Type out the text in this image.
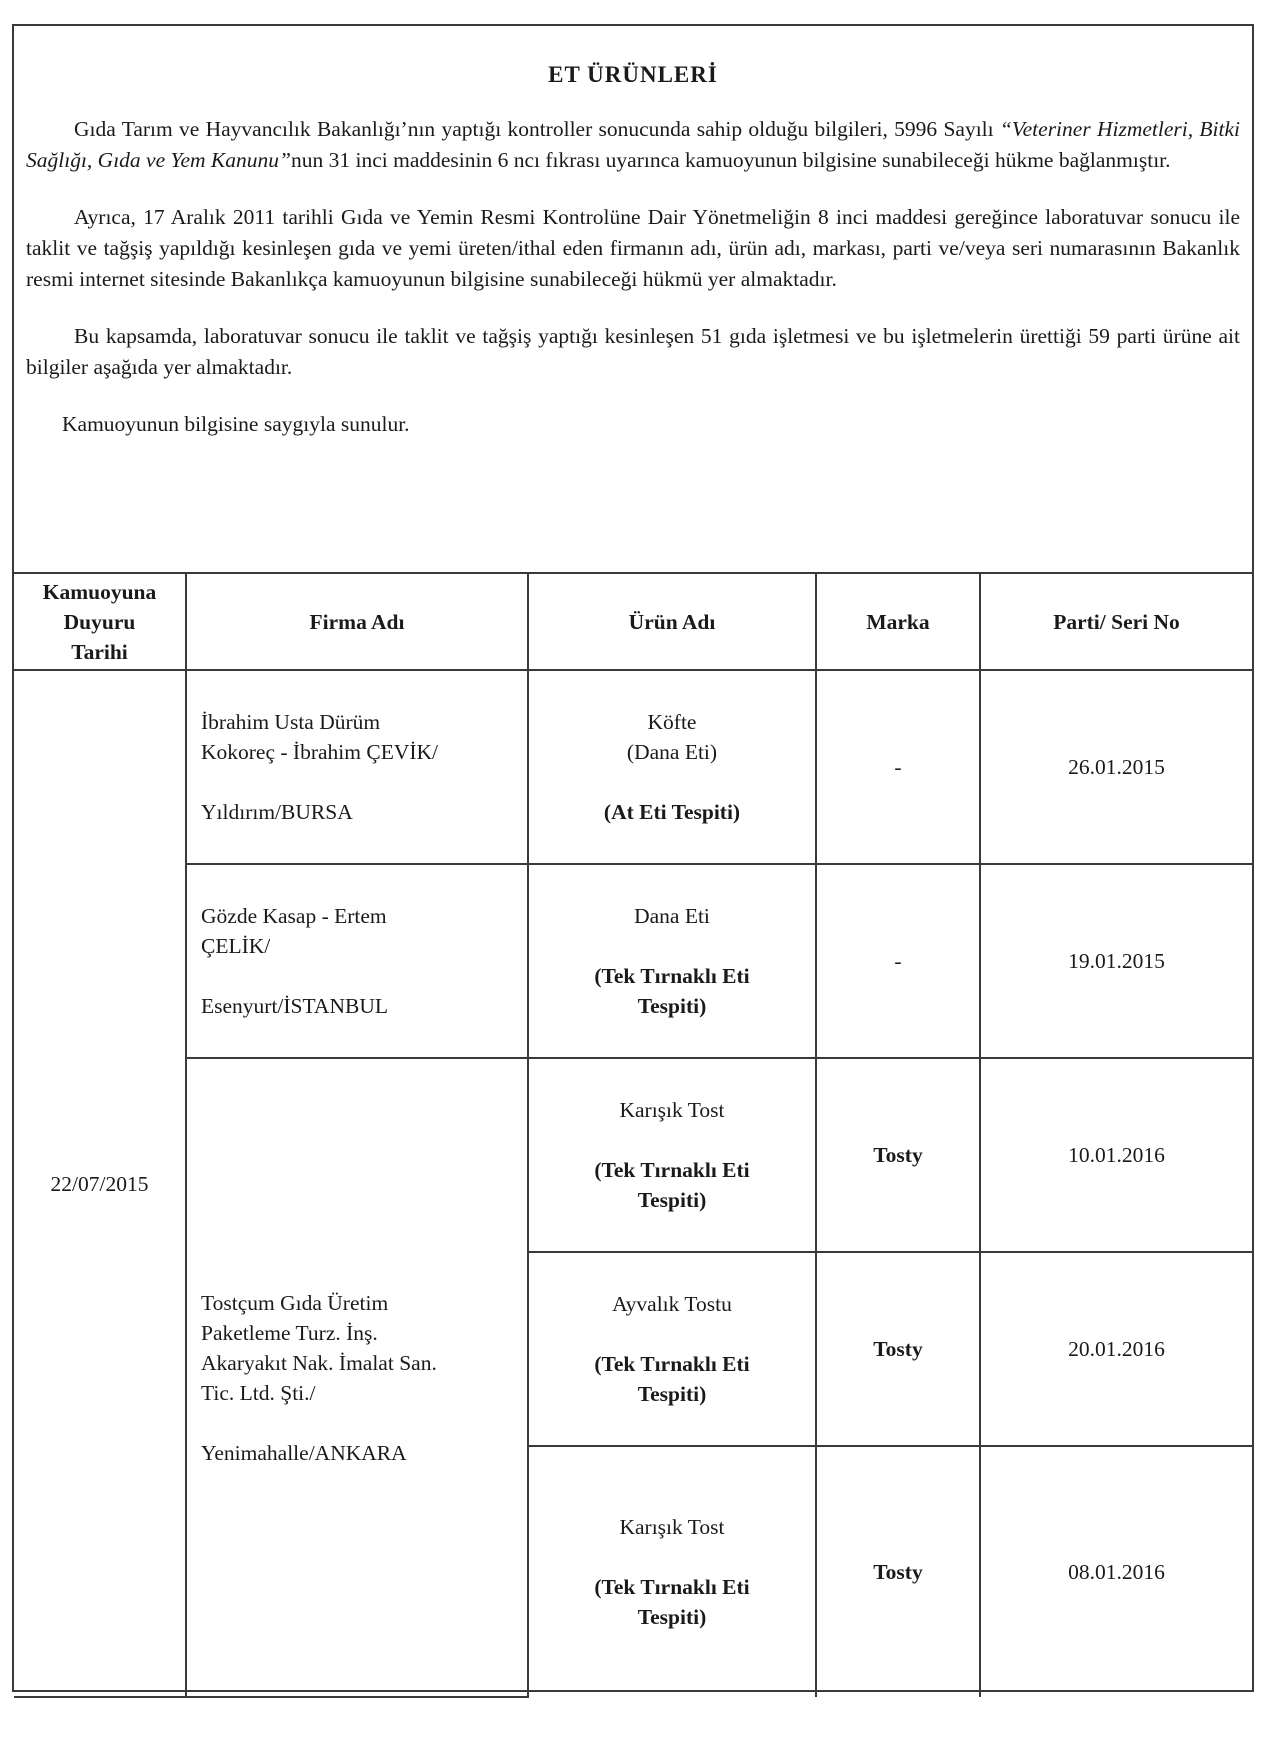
ET ÜRÜNLERİ

Gıda Tarım ve Hayvancılık Bakanlığı’nın yaptığı kontroller sonucunda sahip olduğu bilgileri, 5996 Sayılı “Veteriner Hizmetleri, Bitki Sağlığı, Gıda ve Yem Kanunu”nun 31 inci maddesinin 6 ncı fıkrası uyarınca kamuoyunun bilgisine sunabileceği hükme bağlanmıştır.

Ayrıca, 17 Aralık 2011 tarihli Gıda ve Yemin Resmi Kontrolüne Dair Yönetmeliğin 8 inci maddesi gereğince laboratuvar sonucu ile taklit ve tağşiş yapıldığı kesinleşen gıda ve yemi üreten/ithal eden firmanın adı, ürün adı, markası, parti ve/veya seri numarasının Bakanlık resmi internet sitesinde Bakanlıkça kamuoyunun bilgisine sunabileceği hükmü yer almaktadır.

Bu kapsamda, laboratuvar sonucu ile taklit ve tağşiş yaptığı kesinleşen 51 gıda işletmesi ve bu işletmelerin ürettiği 59 parti ürüne ait bilgiler aşağıda yer almaktadır.

Kamuoyunun bilgisine saygıyla sunulur.

Kamuoyuna
Duyuru
Tarihi	Firma Adı	Ürün Adı	Marka	Parti/ Seri No
22/07/2015	İbrahim Usta Dürüm
Kokoreç - İbrahim ÇEVİK/
Yıldırım/BURSA	Köfte
(Dana Eti)
(At Eti Tespiti)	-	26.01.2015

	Gözde Kasap - Ertem
ÇELİK/
Esenyurt/İSTANBUL	Dana Eti
(Tek Tırnaklı Eti
Tespiti)	-	19.01.2015

	Tostçum Gıda Üretim
Paketleme Turz. İnş.
Akaryakıt Nak. İmalat San.
Tic. Ltd. Şti./
Yenimahalle/ANKARA	Karışık Tost
(Tek Tırnaklı Eti
Tespiti)	Tosty	10.01.2016

		Ayvalık Tostu
(Tek Tırnaklı Eti
Tespiti)	Tosty	20.01.2016

		Karışık Tost
(Tek Tırnaklı Eti
Tespiti)	Tosty	08.01.2016
